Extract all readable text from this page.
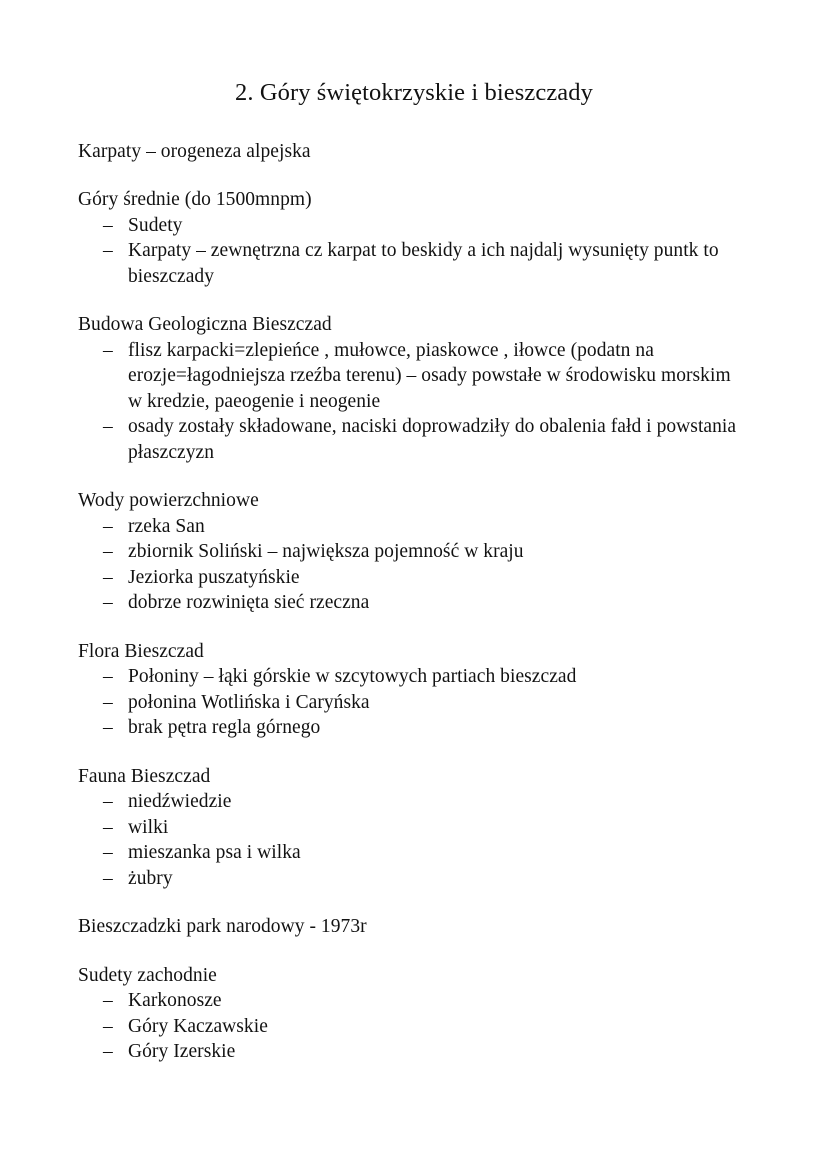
2. Góry świętokrzyskie i bieszczady

Karpaty – orogeneza alpejska

Góry średnie (do 1500mnpm)

– Sudety
– Karpaty – zewnętrzna cz karpat to beskidy a ich najdalj wysunięty puntk to bieszczady

Budowa Geologiczna Bieszczad

– flisz karpacki=zlepieńce , mułowce, piaskowce , iłowce (podatn na erozje=łagodniejsza rzeźba terenu) – osady powstałe w środowisku morskim w kredzie, paeogenie i neogenie
– osady zostały składowane, naciski doprowadziły do obalenia fałd i powstania płaszczyzn

Wody powierzchniowe

– rzeka San
– zbiornik Soliński – największa pojemność w kraju
– Jeziorka puszatyńskie
– dobrze rozwinięta sieć rzeczna

Flora Bieszczad

– Połoniny – łąki górskie w szcytowych partiach bieszczad
– połonina Wotlińska i Caryńska
– brak pętra regla górnego

Fauna Bieszczad

– niedźwiedzie
– wilki
– mieszanka psa i wilka
– żubry

Bieszczadzki park narodowy - 1973r

Sudety zachodnie

– Karkonosze
– Góry Kaczawskie
– Góry Izerskie
